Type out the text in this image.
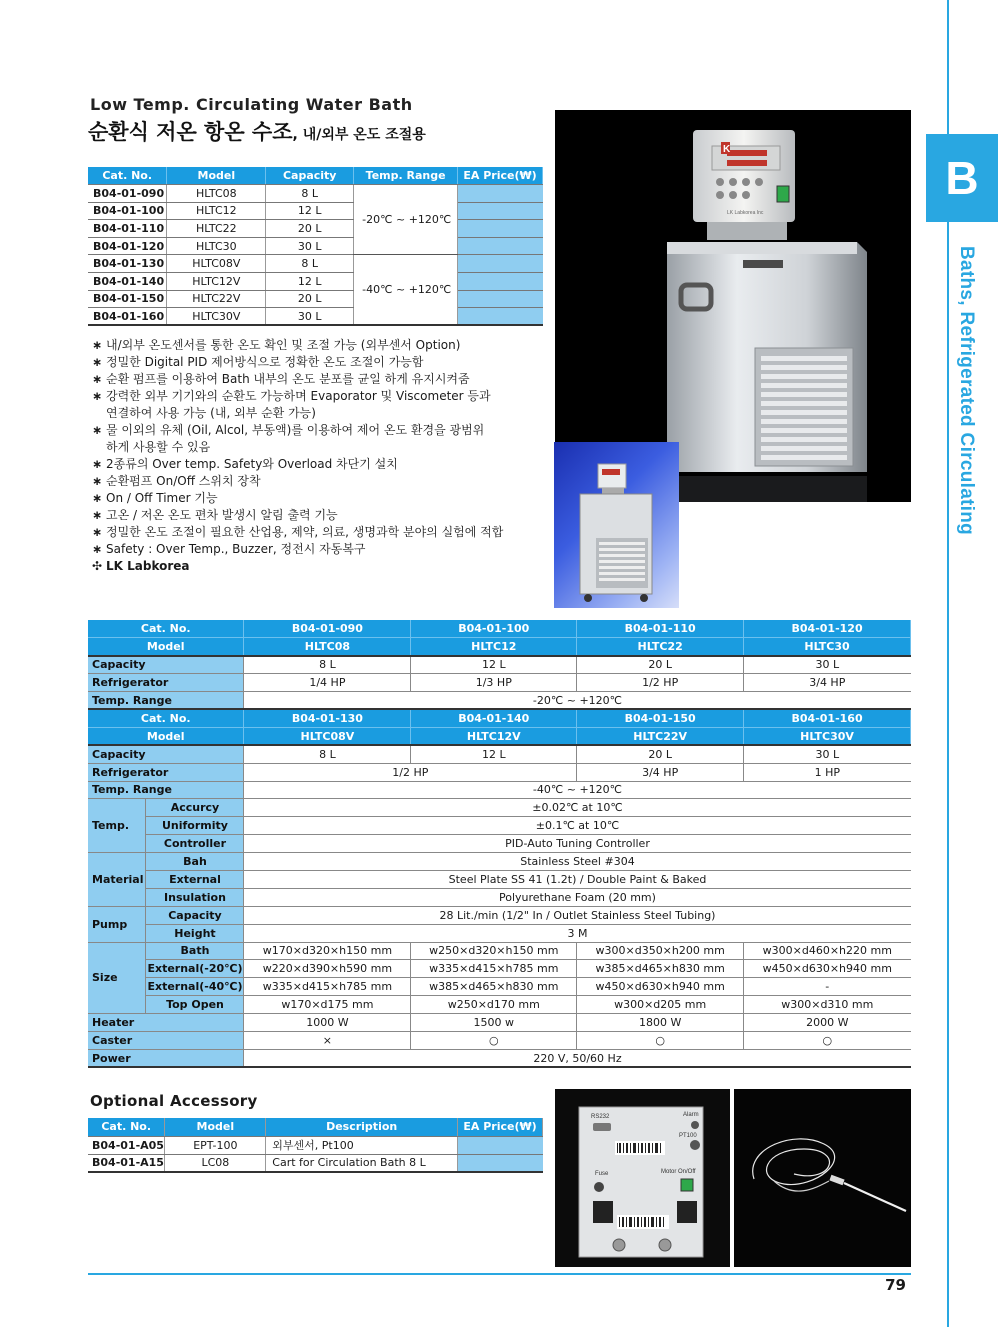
B
Baths, Refrigerated Circulating
Low Temp. Circulating Water Bath
순환식 저온 항온 수조, 내/외부 온도 조절용
Cat. No.	Model	Capacity	Temp. Range	EA Price(₩)
B04-01-090	HLTC08	8 L	-20℃ ~ +120℃	
B04-01-100	HLTC12	12 L		
B04-01-110	HLTC22	20 L		
B04-01-120	HLTC30	30 L		
B04-01-130	HLTC08V	8 L	-40℃ ~ +120℃	
B04-01-140	HLTC12V	12 L		
B04-01-150	HLTC22V	20 L		
B04-01-160	HLTC30V	30 L		
∗ 내/외부 온도센서를 통한 온도 확인 및 조절 가능 (외부센서 Option)
∗ 정밀한 Digital PID 제어방식으로 정확한 온도 조절이 가능함
∗ 순환 펌프를 이용하여 Bath 내부의 온도 분포를 균일 하게 유지시켜줌
∗ 강력한 외부 기기와의 순환도 가능하며 Evaporator 및 Viscometer 등과
연결하여 사용 가능 (내, 외부 순환 가능)
∗ 물 이외의 유체 (Oil, Alcol, 부동액)를 이용하여 제어 온도 환경을 광범위
하게 사용할 수 있음
∗ 2종류의 Over temp. Safety와 Overload 차단기 설치
∗ 순환펌프 On/Off 스위치 장착
∗ On / Off Timer 기능
∗ 고온 / 저온 온도 편차 발생시 알림 출력 기능
∗ 정밀한 온도 조절이 필요한 산업용, 제약, 의료, 생명과학 분야의 실험에 적합
∗ Safety : Over Temp., Buzzer, 정전시 자동복구
✣ LK Labkorea
K
LK Labkorea Inc
Cat. No.		B04-01-090	B04-01-100	B04-01-110	B04-01-120
Model		HLTC08	HLTC12	HLTC22	HLTC30
Capacity		8 L	12 L	20 L	30 L
Refrigerator		1/4 HP	1/3 HP	1/2 HP	3/4 HP
Temp. Range		-20℃ ~ +120℃			
Cat. No.		B04-01-130	B04-01-140	B04-01-150	B04-01-160
Model		HLTC08V	HLTC12V	HLTC22V	HLTC30V
Capacity		8 L	12 L	20 L	30 L
Refrigerator		1/2 HP		3/4 HP	1 HP
Temp. Range		-40℃ ~ +120℃			
Temp.	Accurcy	±0.02℃ at 10℃			
	Uniformity	±0.1℃ at 10℃			
	Controller	PID-Auto Tuning Controller			
Material	Bah	Stainless Steel #304			
	External	Steel Plate SS 41 (1.2t) / Double Paint & Baked			
	Insulation	Polyurethane Foam (20 mm)			
Pump	Capacity	28 Lit./min (1/2" In / Outlet Stainless Steel Tubing)			
	Height	3 M			
Size	Bath	w170×d320×h150 mm	w250×d320×h150 mm	w300×d350×h200 mm	w300×d460×h220 mm
	External(-20℃)	w220×d390×h590 mm	w335×d415×h785 mm	w385×d465×h830 mm	w450×d630×h940 mm
	External(-40℃)	w335×d415×h785 mm	w385×d465×h830 mm	w450×d630×h940 mm	-
	Top Open	w170×d175 mm	w250×d170 mm	w300×d205 mm	w300×d310 mm
Heater		1000 W	1500 w	1800 W	2000 W
Caster		×	○	○	○
Power		220 V, 50/60 Hz			
Optional Accessory
Cat. No.	Model	Description	EA Price(₩)
B04-01-A05	EPT-100	외부센서, Pt100	
B04-01-A15	LC08	Cart for Circulation Bath 8 L	
RS232	Alarm
PT100
Fuse	Motor On/Off
79
